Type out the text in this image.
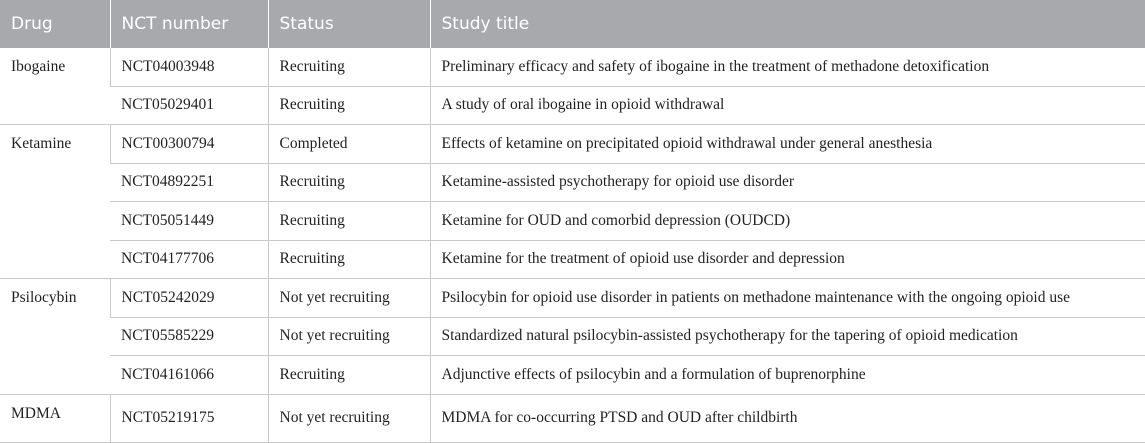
Drug	NCT number	Status	Study title
Ibogaine	NCT04003948	Recruiting	Preliminary efficacy and safety of ibogaine in the treatment of methadone detoxification
	NCT05029401	Recruiting	A study of oral ibogaine in opioid withdrawal
Ketamine	NCT00300794	Completed	Effects of ketamine on precipitated opioid withdrawal under general anesthesia
	NCT04892251	Recruiting	Ketamine-assisted psychotherapy for opioid use disorder
	NCT05051449	Recruiting	Ketamine for OUD and comorbid depression (OUDCD)
	NCT04177706	Recruiting	Ketamine for the treatment of opioid use disorder and depression
Psilocybin	NCT05242029	Not yet recruiting	Psilocybin for opioid use disorder in patients on methadone maintenance with the ongoing opioid use
	NCT05585229	Not yet recruiting	Standardized natural psilocybin-assisted psychotherapy for the tapering of opioid medication
	NCT04161066	Recruiting	Adjunctive effects of psilocybin and a formulation of buprenorphine
MDMA	NCT05219175	Not yet recruiting	MDMA for co-occurring PTSD and OUD after childbirth
